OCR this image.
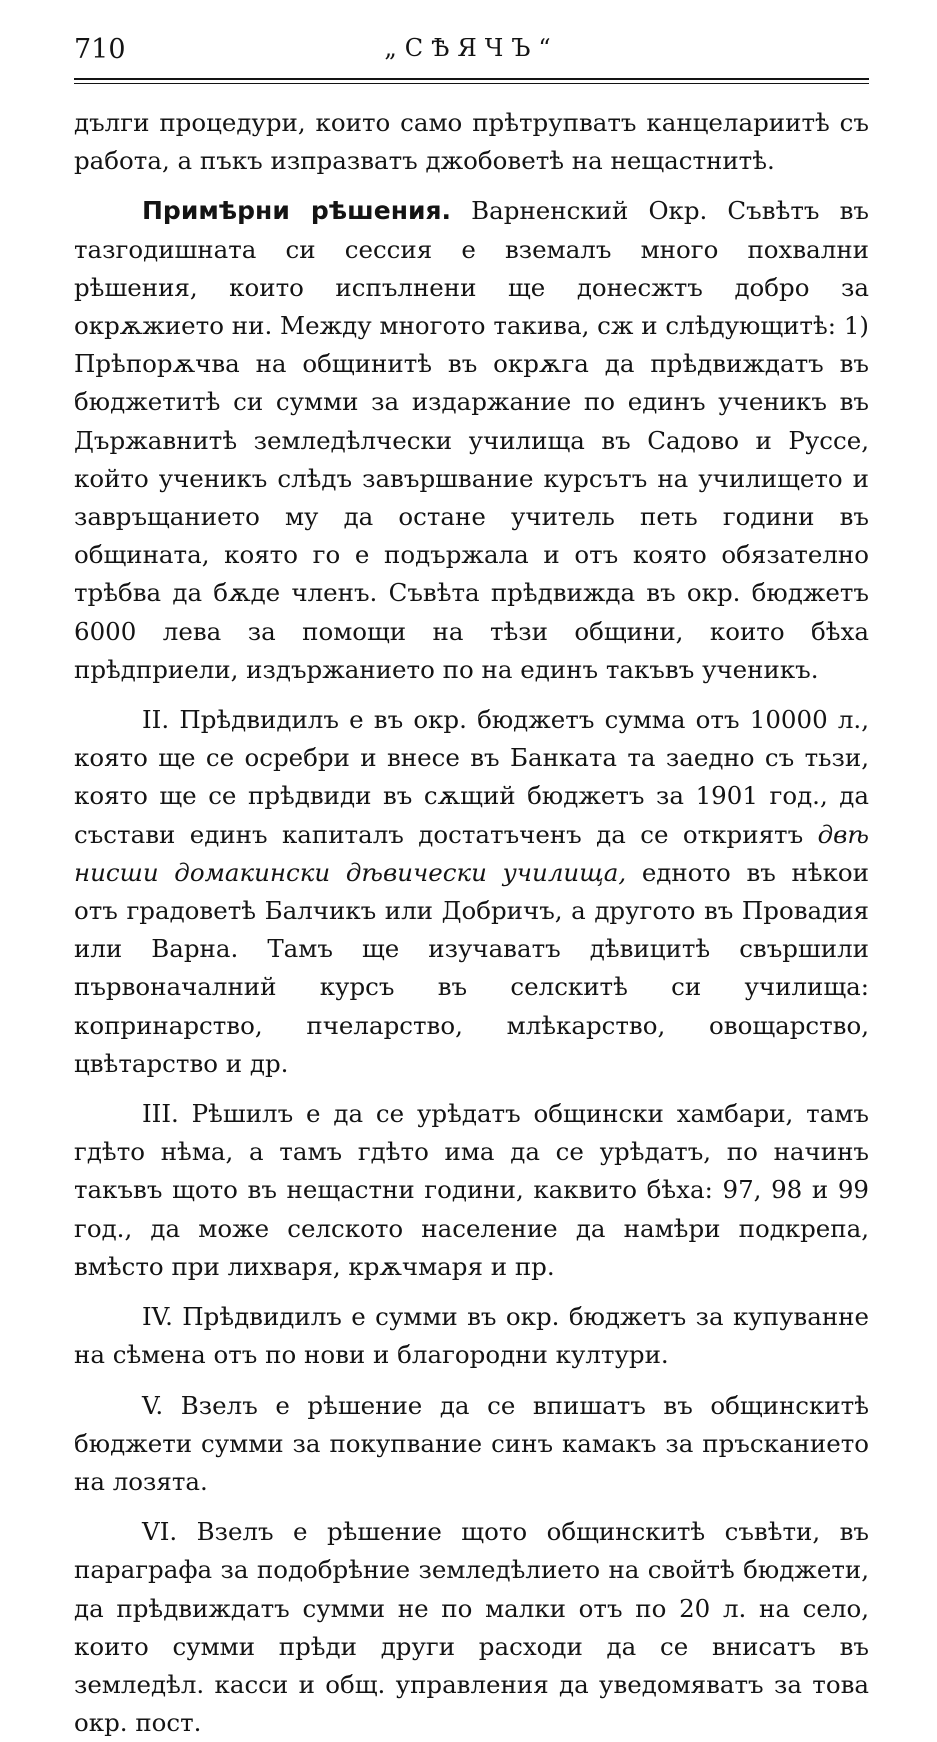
710	„СѢЯЧЪ“

дълги процедури, които само прѣтрупватъ канцелариитѣ съ работа, а пъкъ изпразватъ джобоветѣ на нещастнитѣ.

Примѣрни рѣшения. Варненский Окр. Съвѣтъ въ тазгодишната си сессия е вземалъ много похвални рѣшения, които испълнени ще донесжтъ добро за окрѫжието ни. Между многото такива, сж и слѣдующитѣ: 1) Прѣпорѫчва на общинитѣ въ окрѫга да прѣдвиждатъ въ бюджетитѣ си сумми за издаржание по единъ ученикъ въ Държавнитѣ земледѣлчески училища въ Садово и Руссе, който ученикъ слѣдъ завършвание курсътъ на училището и завръщанието му да остане учитель петь години въ общината, която го е подържала и отъ която обязателно трѣбва да бѫде членъ. Съвѣта прѣдвижда въ окр. бюджетъ 6000 лева за помощи на тѣзи общини, които бѣха прѣдприели, издържанието по на единъ такъвъ ученикъ.

II. Прѣдвидилъ е въ окр. бюджетъ сумма отъ 10000 л., която ще се осребри и внесе въ Банката та заедно съ тьзи, която ще се прѣдвиди въ сѫщий бюджетъ за 1901 год., да състави единъ капиталъ достатъченъ да се откриятъ двѣ нисши домакински дѣвически училища, едното въ нѣкои отъ градоветѣ Балчикъ или Добричъ, а другото въ Провадия или Варна. Тамъ ще изучаватъ дѣвицитѣ свършили първоначалний курсъ въ селскитѣ си училища: копринарство, пчеларство, млѣкарство, овощарство, цвѣтарство и др.

III. Рѣшилъ е да се урѣдатъ общински хамбари, тамъ гдѣто нѣма, а тамъ гдѣто има да се урѣдатъ, по начинъ такъвъ щото въ нещастни години, каквито бѣха: 97, 98 и 99 год., да може селското население да намѣри подкрепа, вмѣсто при лихваря, крѫчмаря и пр.

IV. Прѣдвидилъ е сумми въ окр. бюджетъ за купуванне на сѣмена отъ по нови и благородни култури.

V. Взелъ е рѣшение да се впишатъ въ общинскитѣ бюджети сумми за покупвание синъ камакъ за пръсканието на лозята.

VI. Взелъ е рѣшение щото общинскитѣ съвѣти, въ параграфа за подобрѣние земледѣлието на свойтѣ бюджети, да прѣдвиждатъ сумми не по малки отъ по 20 л. на село, които сумми прѣди други расходи да се внисатъ въ земледѣл. касси и общ. управления да уведомяватъ за това окр. пост.
